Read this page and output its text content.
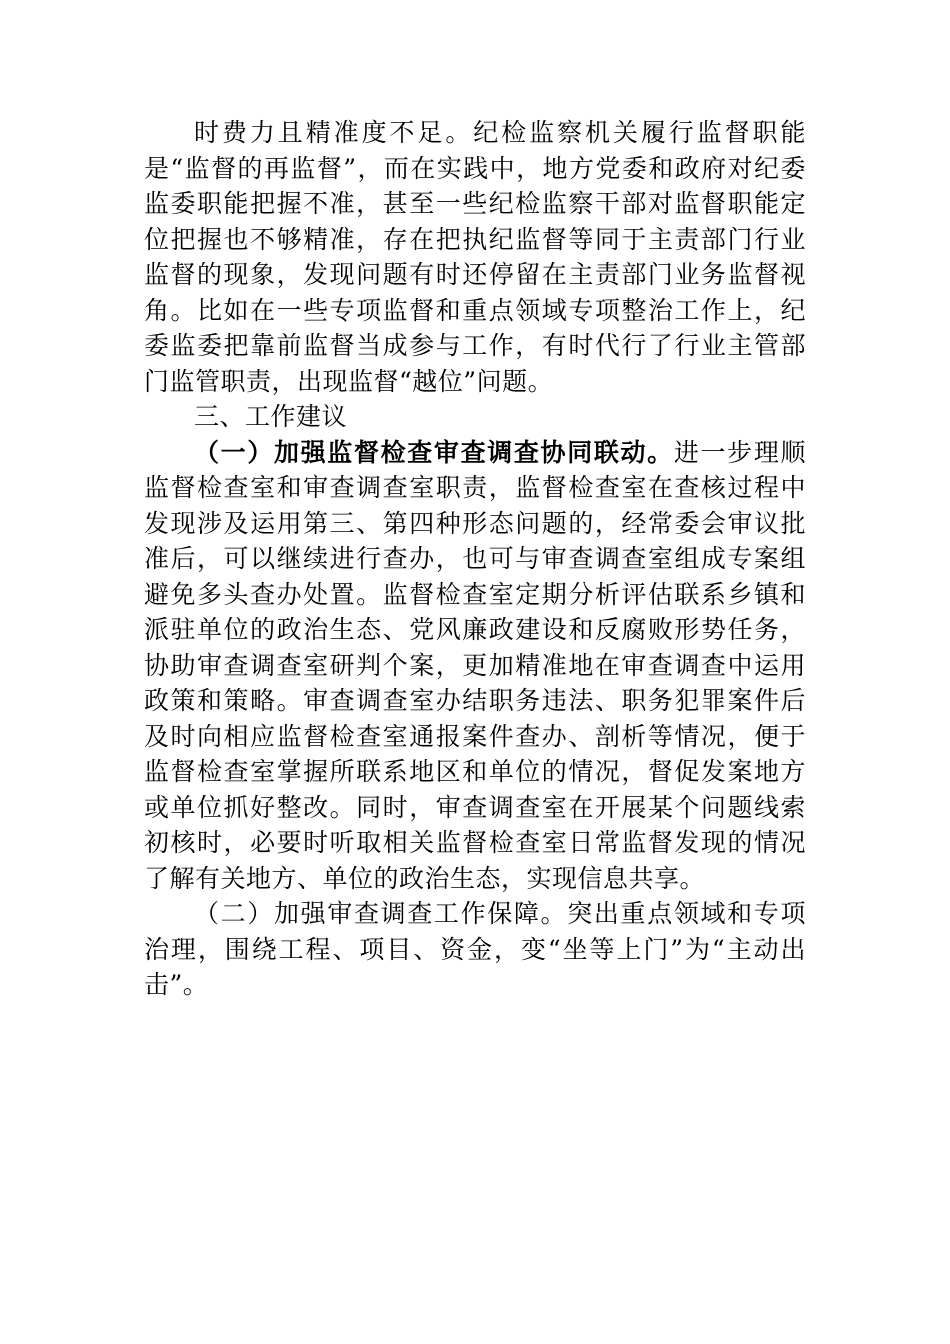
时费力且精准度不足。纪检监察机关履行监督职能是“监督的再监督”，而在实践中，地方党委和政府对纪委监委职能把握不准，甚至一些纪检监察干部对监督职能定位把握也不够精准，存在把执纪监督等同于主责部门行业监督的现象，发现问题有时还停留在主责部门业务监督视角。比如在一些专项监督和重点领域专项整治工作上，纪委监委把靠前监督当成参与工作，有时代行了行业主管部门监管职责，出现监督“越位”问题。

三、工作建议

（一）加强监督检查审查调查协同联动。进一步理顺监督检查室和审查调查室职责，监督检查室在查核过程中发现涉及运用第三、第四种形态问题的，经常委会审议批准后，可以继续进行查办，也可与审查调查室组成专案组避免多头查办处置。监督检查室定期分析评估联系乡镇和派驻单位的政治生态、党风廉政建设和反腐败形势任务，协助审查调查室研判个案，更加精准地在审查调查中运用政策和策略。审查调查室办结职务违法、职务犯罪案件后及时向相应监督检查室通报案件查办、剖析等情况，便于监督检查室掌握所联系地区和单位的情况，督促发案地方或单位抓好整改。同时，审查调查室在开展某个问题线索初核时，必要时听取相关监督检查室日常监督发现的情况了解有关地方、单位的政治生态，实现信息共享。

（二）加强审查调查工作保障。突出重点领域和专项治理，围绕工程、项目、资金，变“坐等上门”为“主动出击”。
